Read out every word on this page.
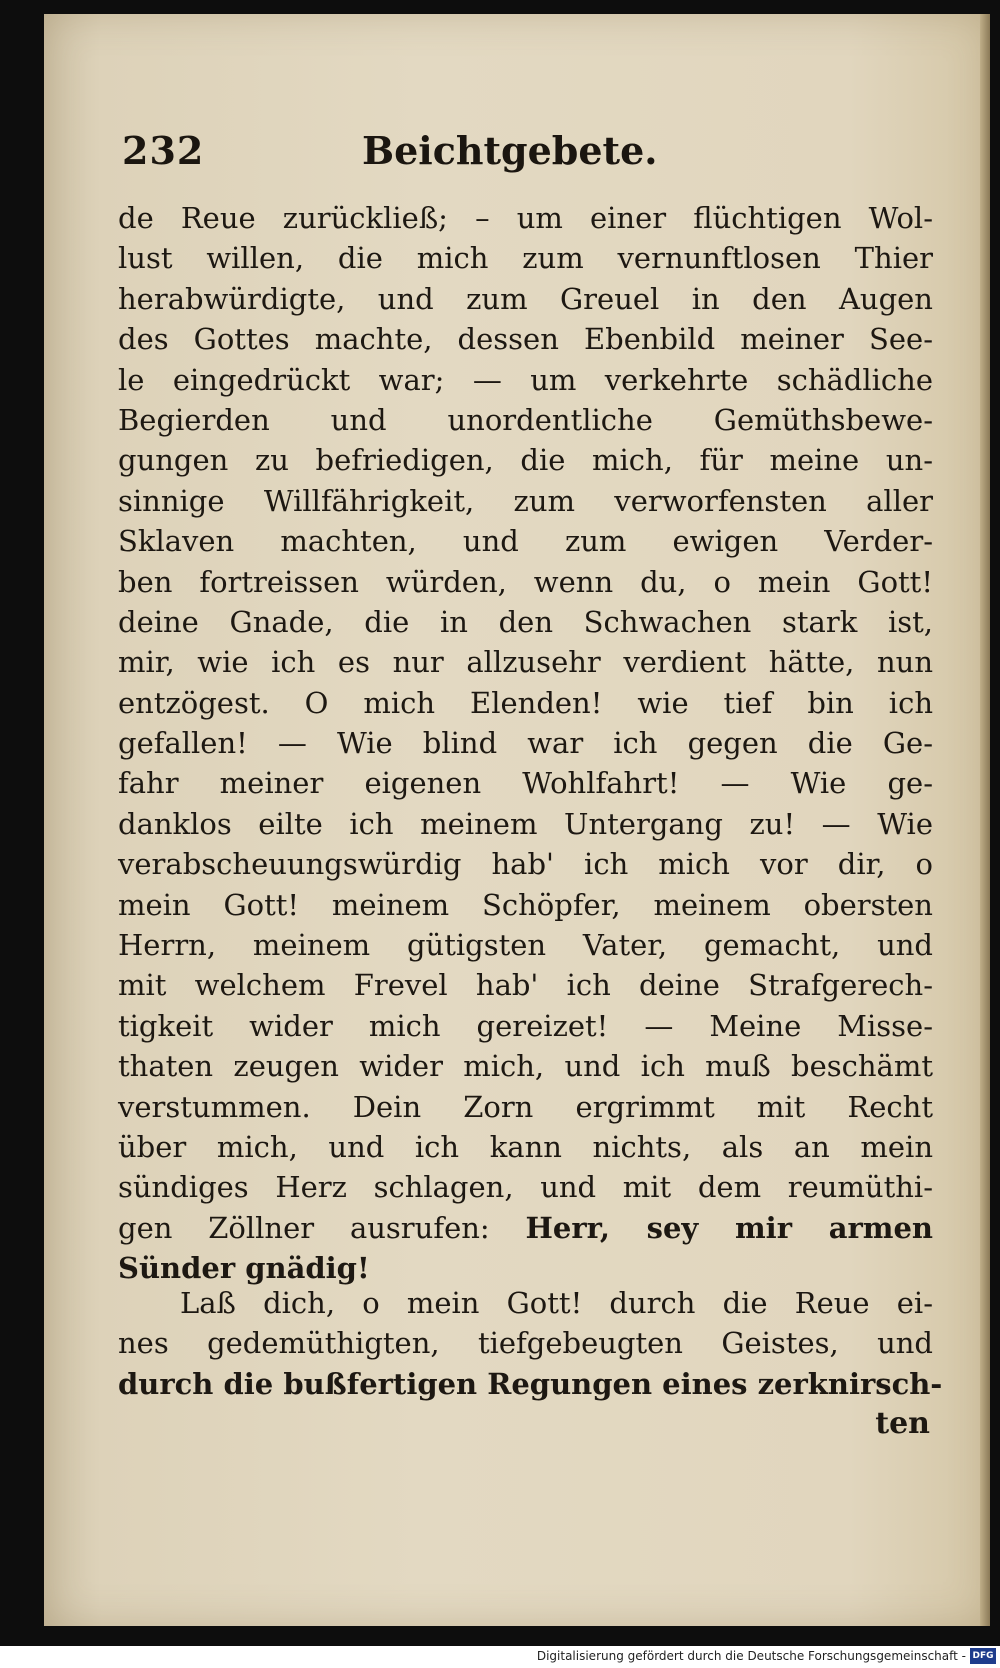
232	Beichtgebete.
de Reue zurückließ; – um einer flüchtigen Wol-
lust willen, die mich zum vernunftlosen Thier
herabwürdigte, und zum Greuel in den Augen
des Gottes machte, dessen Ebenbild meiner See-
le eingedrückt war; — um verkehrte schädliche
Begierden und unordentliche Gemüthsbewe-
gungen zu befriedigen, die mich, für meine un-
sinnige Willfährigkeit, zum verworfensten aller
Sklaven machten, und zum ewigen Verder-
ben fortreissen würden, wenn du, o mein Gott!
deine Gnade, die in den Schwachen stark ist,
mir, wie ich es nur allzusehr verdient hätte, nun
entzögest. O mich Elenden! wie tief bin ich
gefallen! — Wie blind war ich gegen die Ge-
fahr meiner eigenen Wohlfahrt! — Wie ge-
danklos eilte ich meinem Untergang zu! — Wie
verabscheuungswürdig hab' ich mich vor dir, o
mein Gott! meinem Schöpfer, meinem obersten
Herrn, meinem gütigsten Vater, gemacht, und
mit welchem Frevel hab' ich deine Strafgerech-
tigkeit wider mich gereizet! — Meine Misse-
thaten zeugen wider mich, und ich muß beschämt
verstummen. Dein Zorn ergrimmt mit Recht
über mich, und ich kann nichts, als an mein
sündiges Herz schlagen, und mit dem reumüthi-
gen Zöllner ausrufen: Herr, sey mir armen
Sünder gnädig!
Laß dich, o mein Gott! durch die Reue ei-
nes gedemüthigten, tiefgebeugten Geistes, und
durch die bußfertigen Regungen eines zerknirsch-
ten
Digitalisierung gefördert durch die Deutsche Forschungsgemeinschaft - DFG
